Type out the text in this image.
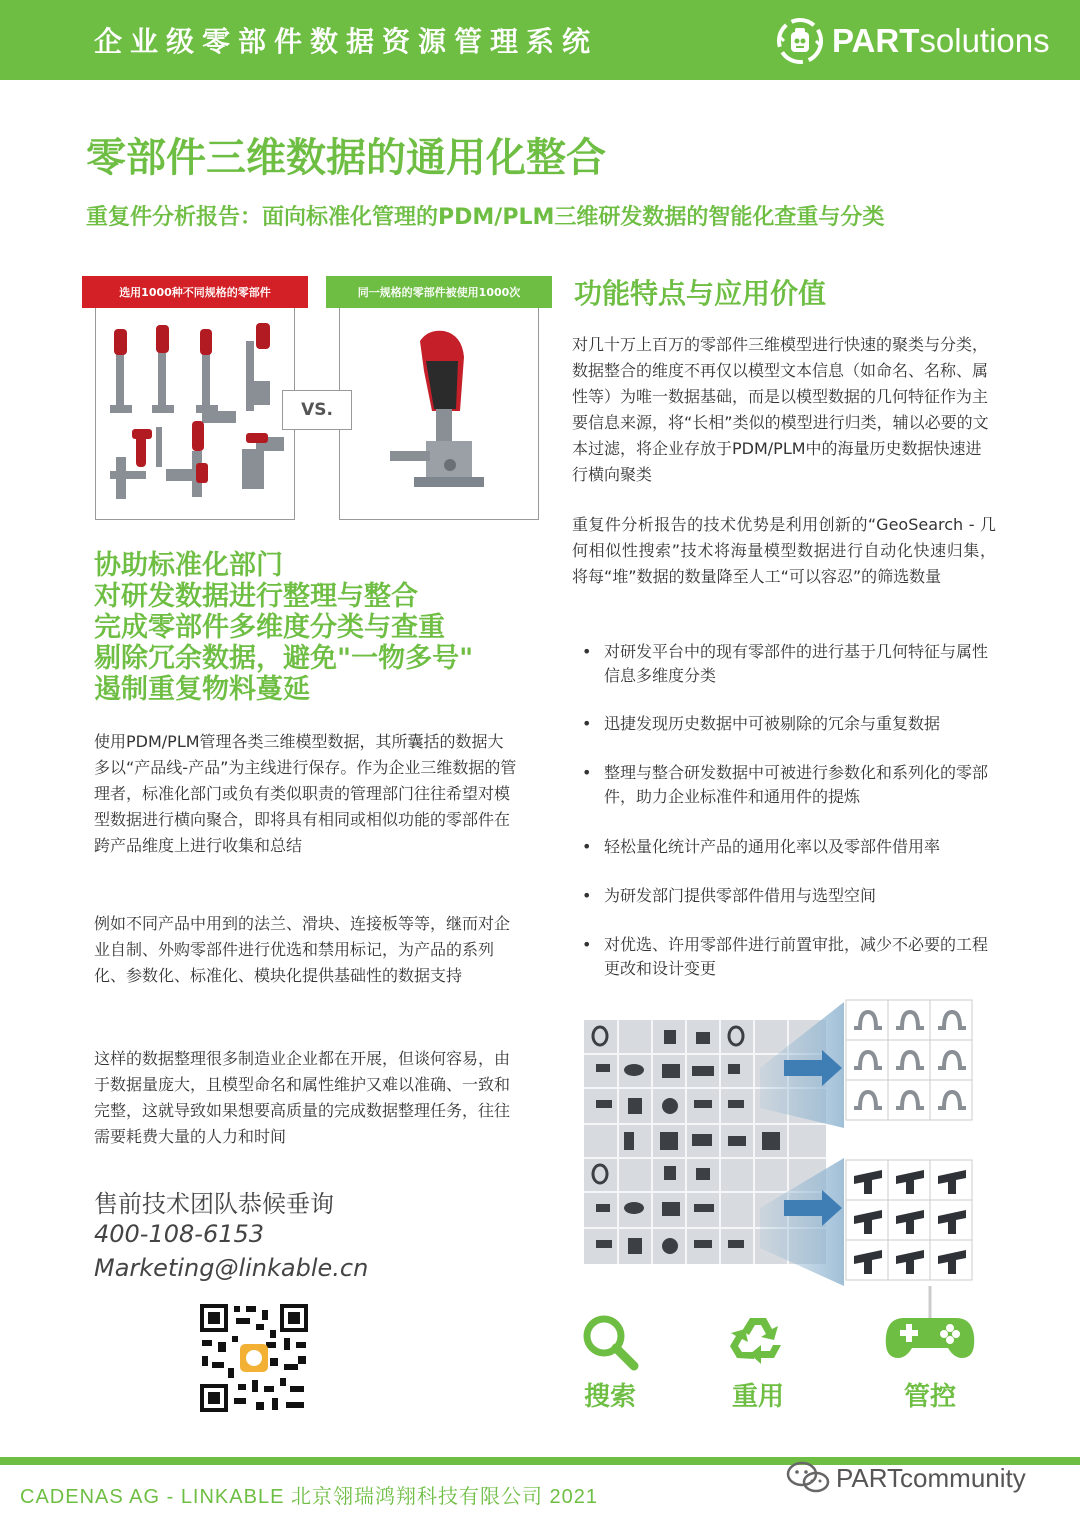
企业级零部件数据资源管理系统	PARTsolutions
零部件三维数据的通用化整合
重复件分析报告：面向标准化管理的PDM/PLM三维研发数据的智能化查重与分类
选用1000种不同规格的零部件	同一规格的零部件被使用1000次
VS.
功能特点与应用价值
对几十万上百万的零部件三维模型进行快速的聚类与分类，数据整合的维度不再仅以模型文本信息（如命名、名称、属性等）为唯一数据基础，而是以模型数据的几何特征作为主要信息来源，将“长相”类似的模型进行归类，辅以必要的文本过滤，将企业存放于PDM/PLM中的海量历史数据快速进行横向聚类
重复件分析报告的技术优势是利用创新的“GeoSearch - 几何相似性搜索”技术将海量模型数据进行自动化快速归集，将每“堆”数据的数量降至人工“可以容忍”的筛选数量
• 对研发平台中的现有零部件的进行基于几何特征与属性信息多维度分类
• 迅捷发现历史数据中可被剔除的冗余与重复数据
• 整理与整合研发数据中可被进行参数化和系列化的零部件，助力企业标准件和通用件的提炼
• 轻松量化统计产品的通用化率以及零部件借用率
• 为研发部门提供零部件借用与选型空间
• 对优选、许用零部件进行前置审批，减少不必要的工程更改和设计变更
协助标准化部门
对研发数据进行整理与整合
完成零部件多维度分类与查重
剔除冗余数据，避免"一物多号"
遏制重复物料蔓延
使用PDM/PLM管理各类三维模型数据，其所囊括的数据大多以“产品线-产品”为主线进行保存。作为企业三维数据的管理者，标准化部门或负有类似职责的管理部门往往希望对模型数据进行横向聚合，即将具有相同或相似功能的零部件在跨产品维度上进行收集和总结
例如不同产品中用到的法兰、滑块、连接板等等，继而对企业自制、外购零部件进行优选和禁用标记，为产品的系列化、参数化、标准化、模块化提供基础性的数据支持
这样的数据整理很多制造业企业都在开展，但谈何容易，由于数据量庞大，且模型命名和属性维护又难以准确、一致和完整，这就导致如果想要高质量的完成数据整理任务，往往需要耗费大量的人力和时间
售前技术团队恭候垂询
400-108-6153
Marketing@linkable.cn
搜索	重用	管控
CADENAS AG - LINKABLE 北京翎瑞鸿翔科技有限公司 2021
PARTcommunity
